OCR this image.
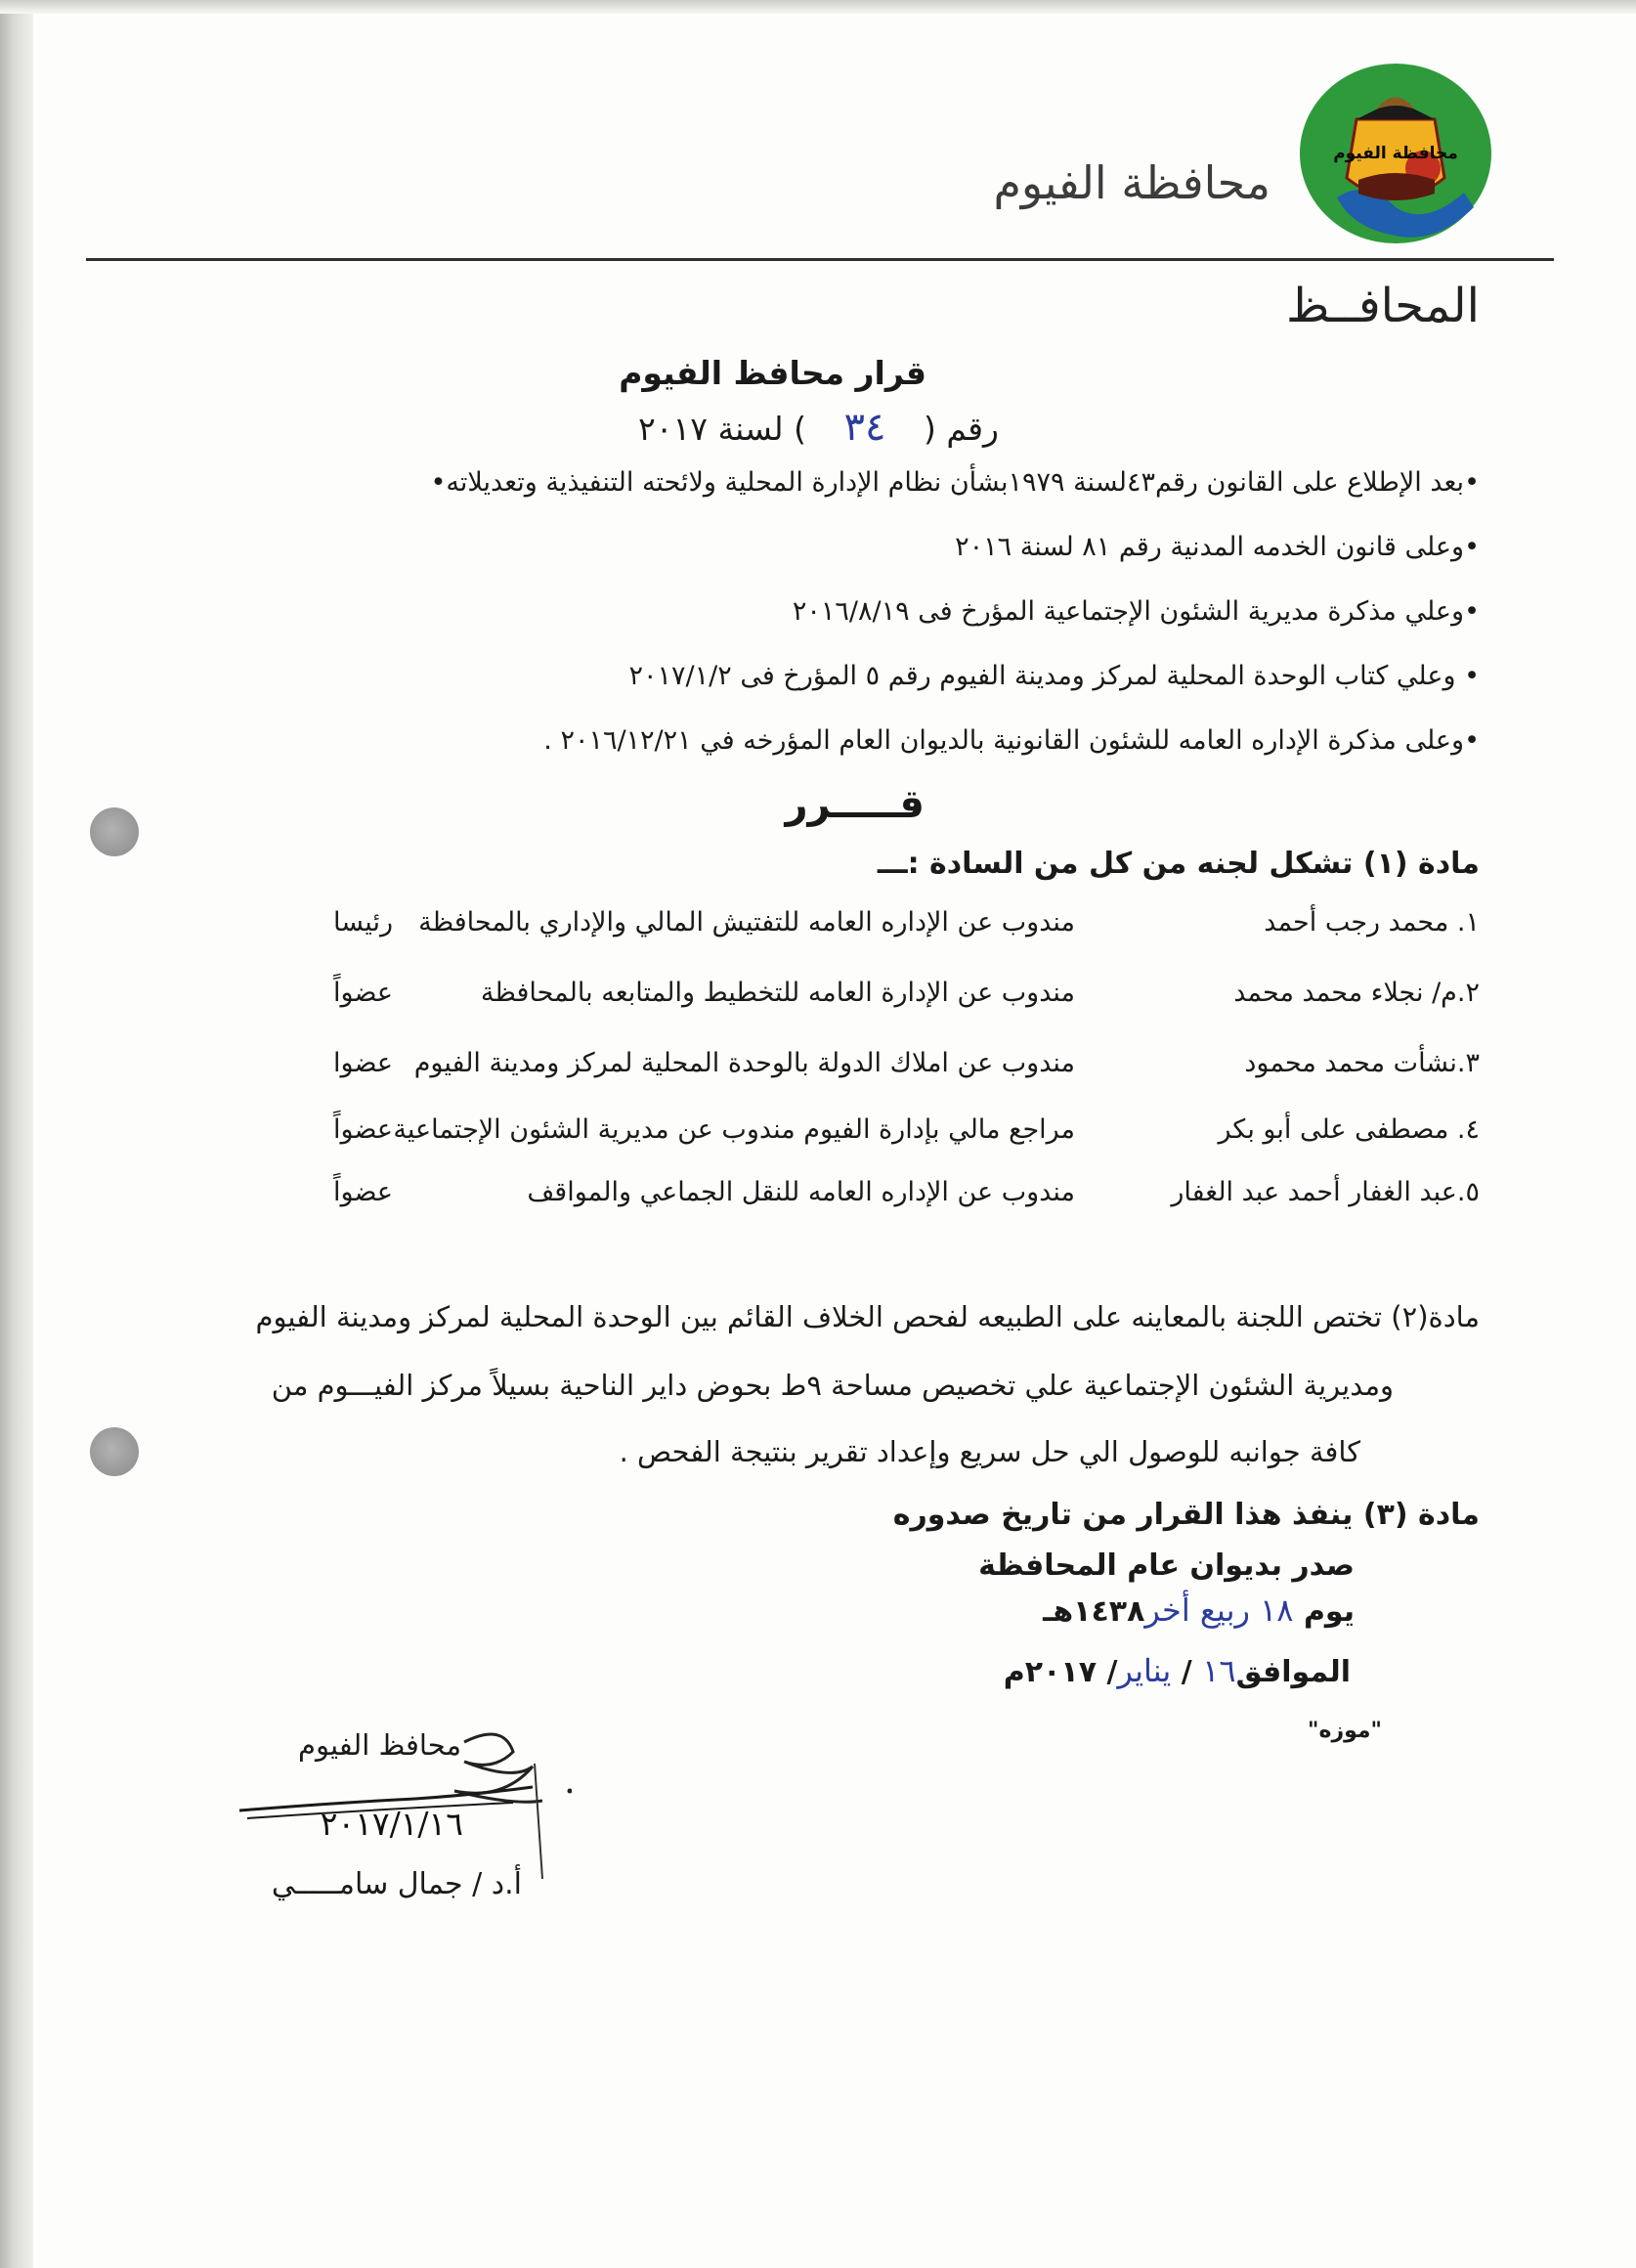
محافظة الفيوم
محافظة الفيوم
المحافــظ
قرار محافظ الفيوم
رقم (٣٤) لسنة ٢٠١٧
•بعد الإطلاع على القانون رقم٤٣لسنة ١٩٧٩بشأن نظام الإدارة المحلية ولائحته التنفيذية وتعديلاته•
•وعلى قانون الخدمه المدنية رقم ٨١ لسنة ٢٠١٦
•وعلي مذكرة مديرية الشئون الإجتماعية المؤرخ فى ٢٠١٦/٨/١٩
• وعلي كتاب الوحدة المحلية لمركز ومدينة الفيوم رقم ٥ المؤرخ فى ٢٠١٧/١/٢
•وعلى مذكرة الإداره العامه للشئون القانونية بالديوان العام المؤرخه في ٢٠١٦/١٢/٢١ .
قـــــرر
مادة (١) تشكل لجنه من كل من السادة :ـــ
١. محمد رجب أحمد
مندوب عن الإداره العامه للتفتيش المالي والإداري بالمحافظة
رئيسا
٢.م/ نجلاء محمد محمد
مندوب عن الإدارة العامه للتخطيط والمتابعه بالمحافظة
عضواً
٣.نشأت محمد محمود
مندوب عن املاك الدولة بالوحدة المحلية لمركز ومدينة الفيوم
عضوا
٤. مصطفى على أبو بكر
مراجع مالي بإدارة الفيوم مندوب عن مديرية الشئون الإجتماعية
عضواً
٥.عبد الغفار أحمد عبد الغفار
مندوب عن الإداره العامه للنقل الجماعي والمواقف
عضواً
مادة(٢) تختص اللجنة بالمعاينه على الطبيعه لفحص الخلاف القائم بين الوحدة المحلية لمركز ومدينة الفيوم
ومديرية الشئون الإجتماعية علي تخصيص مساحة ٩ط بحوض داير الناحية بسيلاً مركز الفيـــوم من
كافة جوانبه للوصول الي حل سريع وإعداد تقرير بنتيجة الفحص .
مادة (٣) ينفذ هذا القرار من تاريخ صدوره
صدر بديوان عام المحافظة
يوم ١٨ ربيع أخر١٤٣٨هـ
الموافق١٦ / يناير/ ٢٠١٧م
"موزه"
محافظ الفيوم
٢٠١٧/١/١٦
أ.د / جمال سامـــــي
